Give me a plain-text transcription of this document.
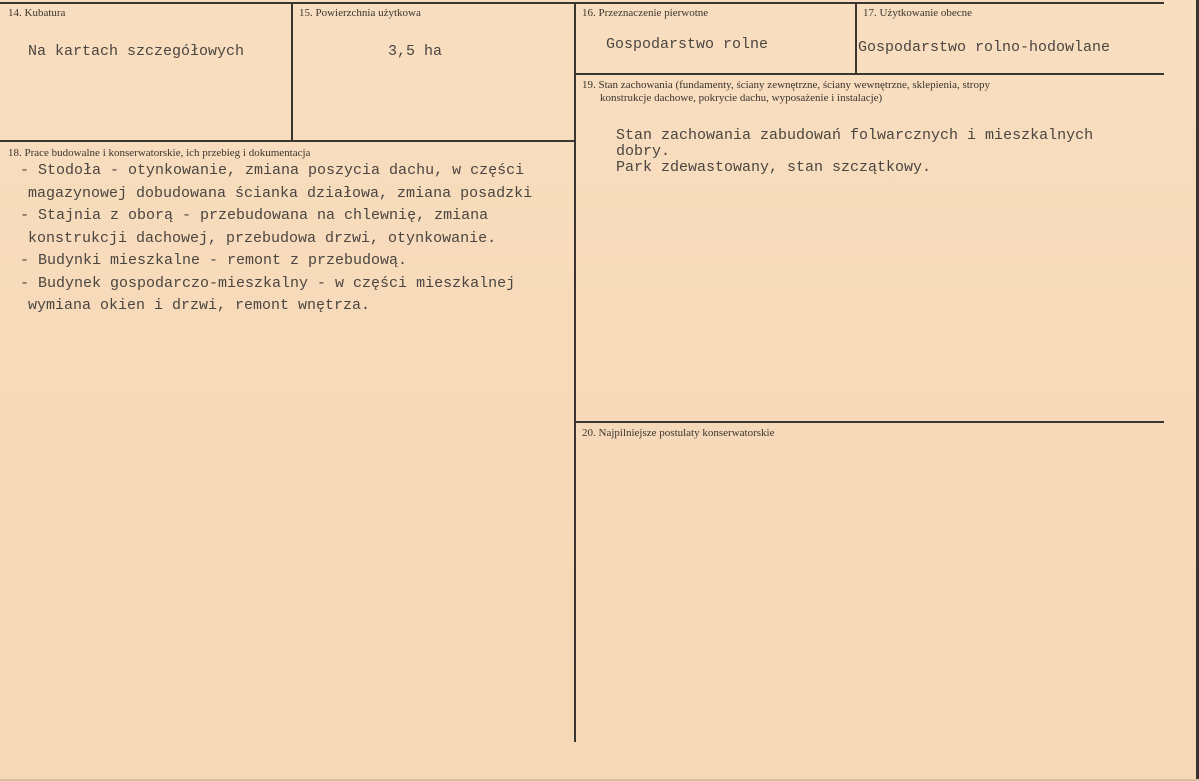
14. Kubatura
Na kartach szczegółowych
15. Powierzchnia użytkowa
3,5 ha
16. Przeznaczenie pierwotne
Gospodarstwo rolne
17. Użytkowanie obecne
Gospodarstwo rolno-hodowlane
18. Prace budowalne i konserwatorskie, ich przebieg i dokumentacja
- Stodoła - otynkowanie, zmiana poszycia dachu, w części
magazynowej dobudowana ścianka działowa, zmiana posadzki
- Stajnia z oborą - przebudowana na chlewnię, zmiana
konstrukcji dachowej, przebudowa drzwi, otynkowanie.
- Budynki mieszkalne - remont z przebudową.
- Budynek gospodarczo-mieszkalny - w części mieszkalnej
wymiana okien i drzwi, remont wnętrza.
19. Stan zachowania (fundamenty, ściany zewnętrzne, ściany wewnętrzne, sklepienia, stropy
konstrukcje dachowe, pokrycie dachu, wyposażenie i instalacje)
Stan zachowania zabudowań folwarcznych i mieszkalnych
dobry.
Park zdewastowany, stan szczątkowy.
20. Najpilniejsze postulaty konserwatorskie
